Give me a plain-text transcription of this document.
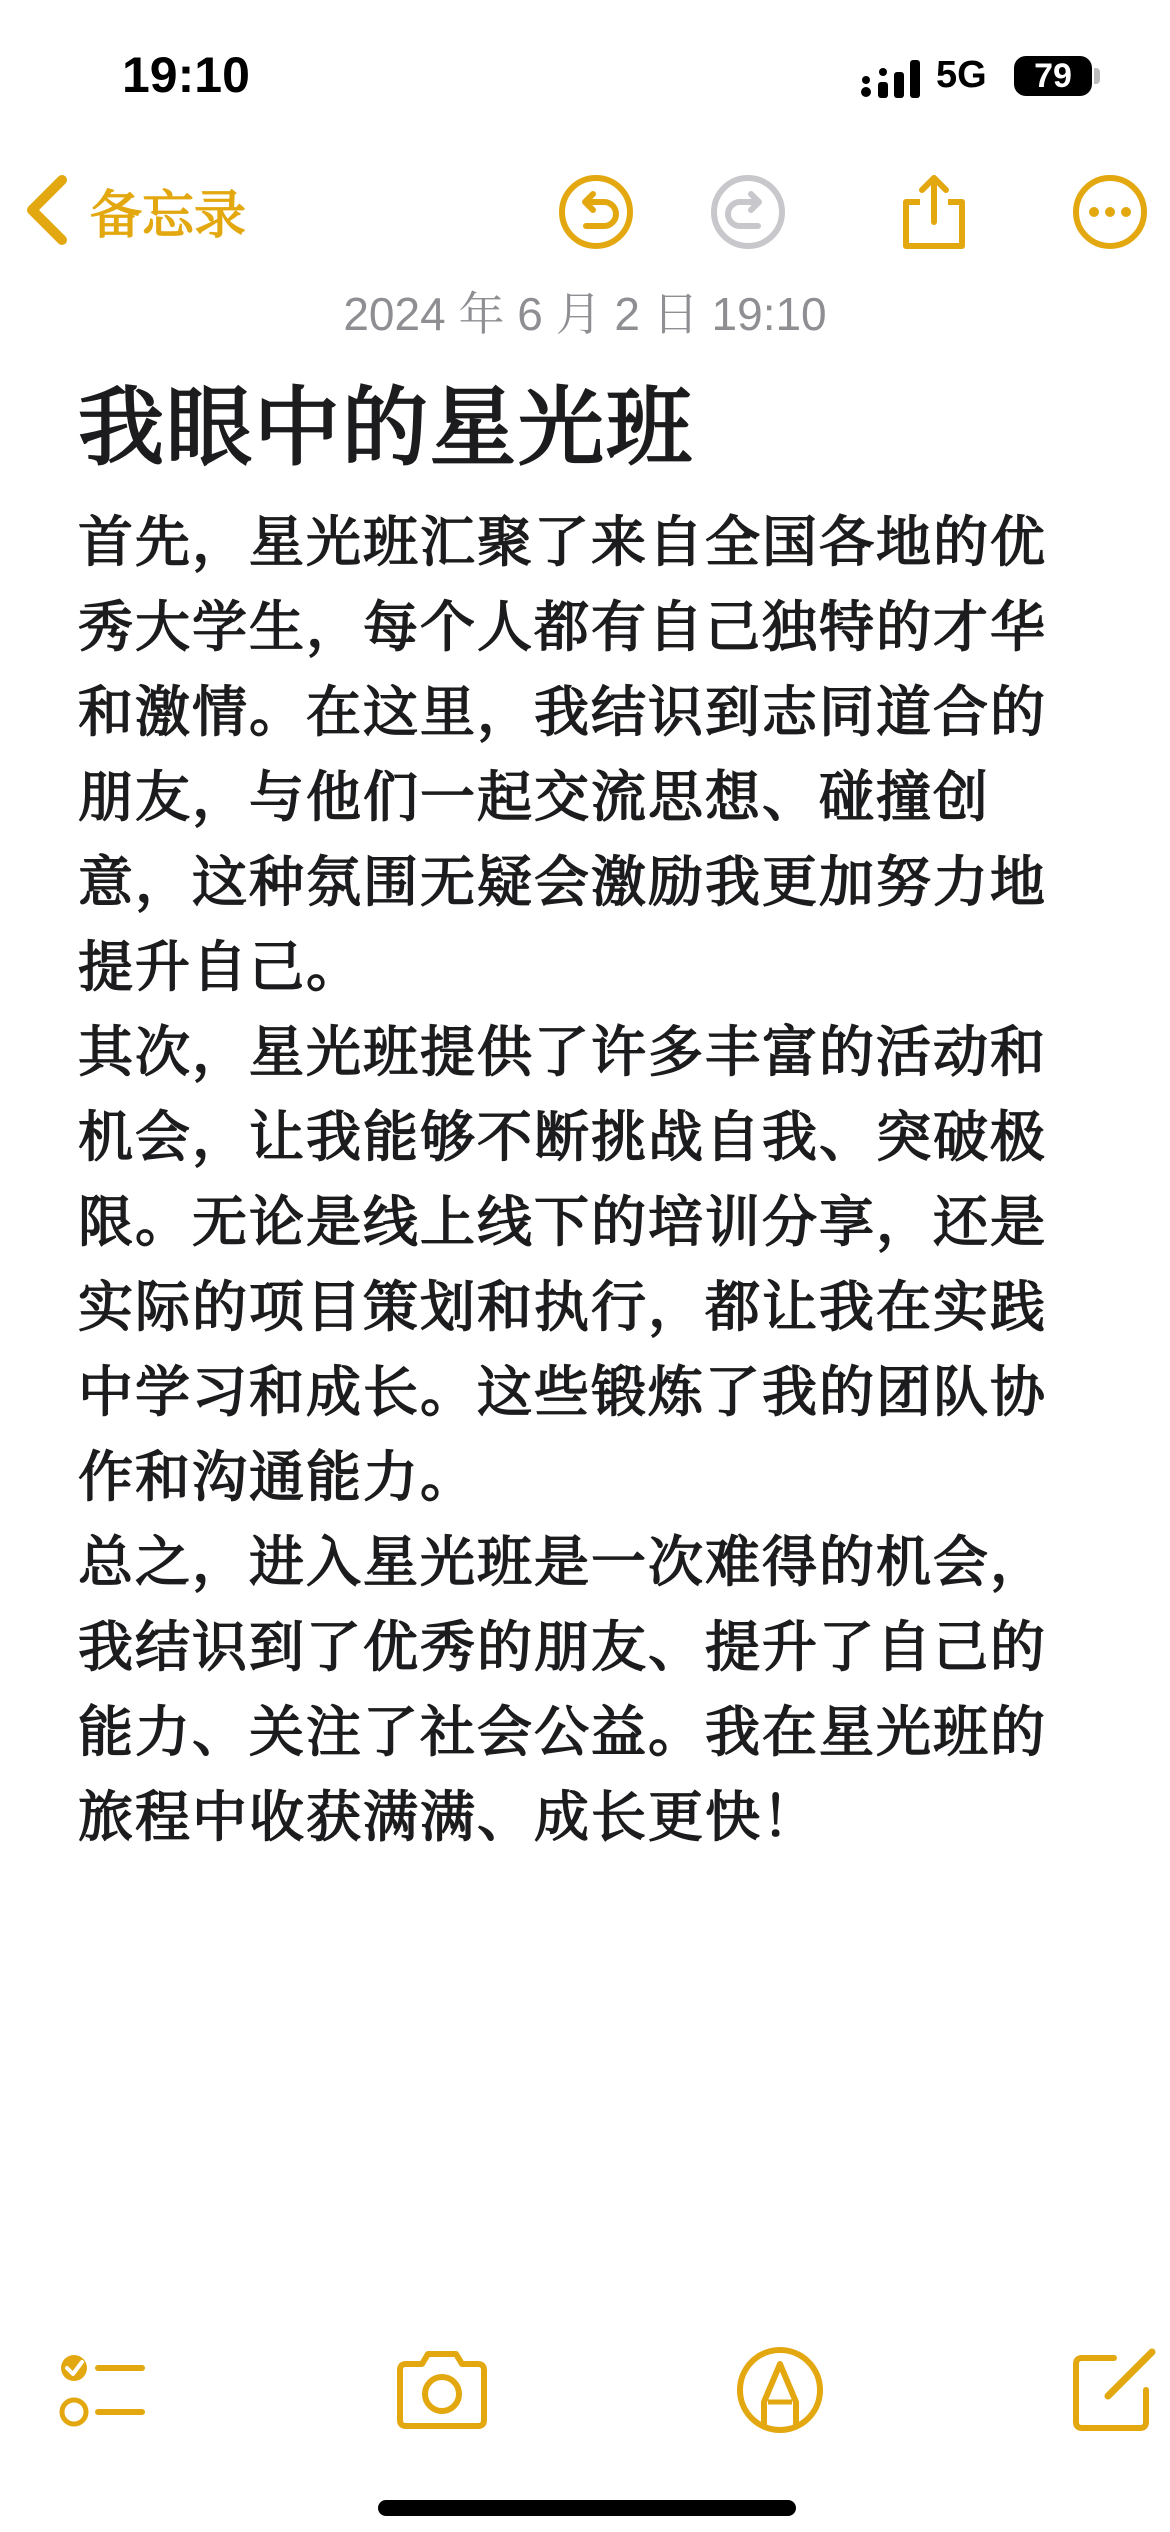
19:10	5G	79
备忘录
2024 年 6 月 2 日 19:10
我眼中的星光班
首先，星光班汇聚了来自全国各地的优
秀大学生，每个人都有自己独特的才华
和激情。在这里，我结识到志同道合的
朋友，与他们一起交流思想、碰撞创
意，这种氛围无疑会激励我更加努力地
提升自己。
其次，星光班提供了许多丰富的活动和
机会，让我能够不断挑战自我、突破极
限。无论是线上线下的培训分享，还是
实际的项目策划和执行，都让我在实践
中学习和成长。这些锻炼了我的团队协
作和沟通能力。
总之，进入星光班是一次难得的机会，
我结识到了优秀的朋友、提升了自己的
能力、关注了社会公益。我在星光班的
旅程中收获满满、成长更快！
